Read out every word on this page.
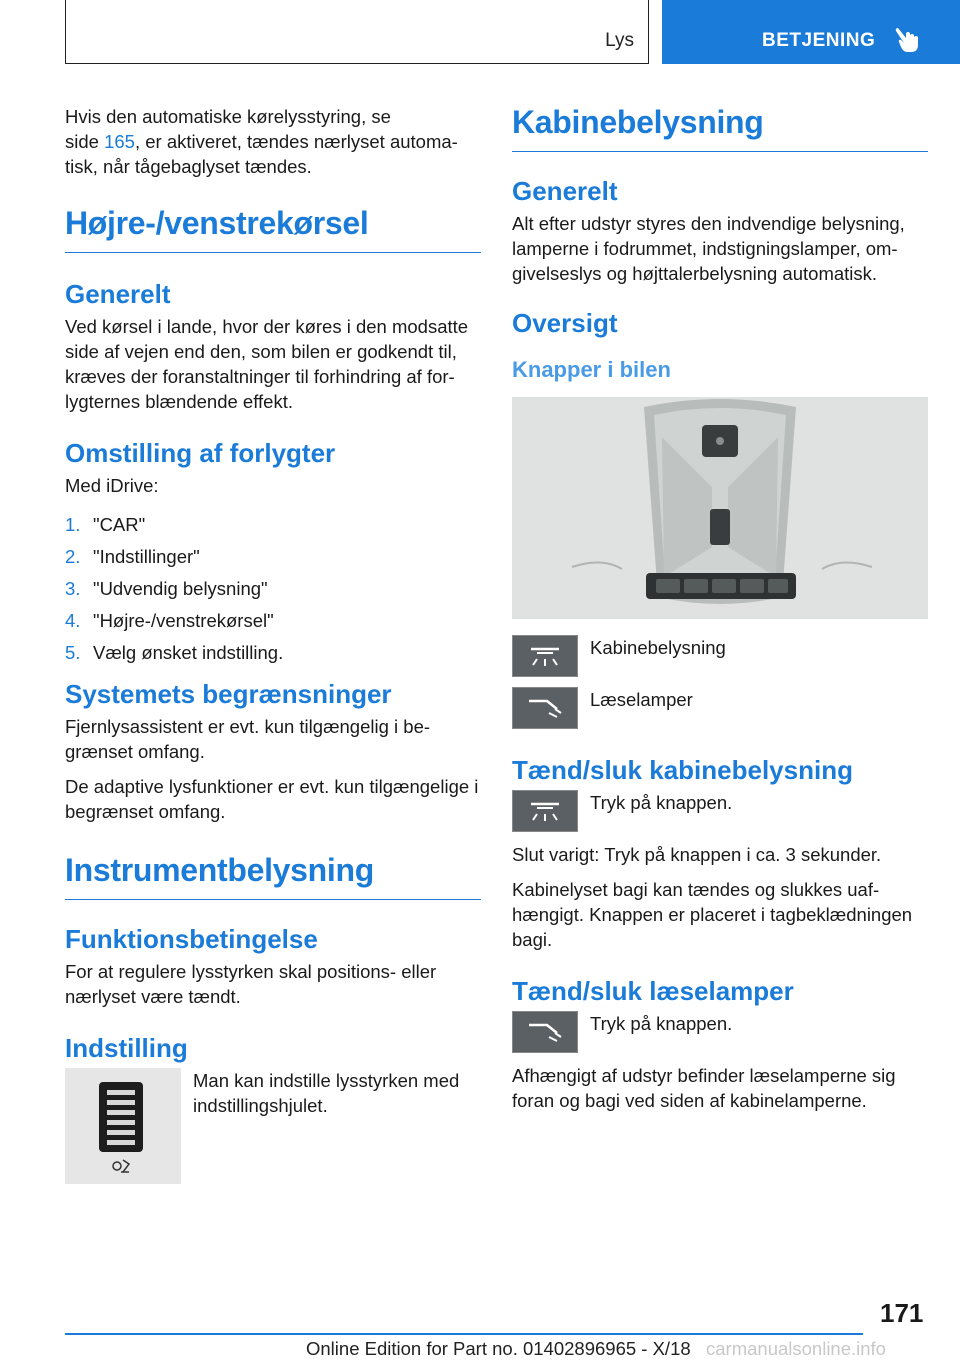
Lys	BETJENING

Hvis den automatiske kørelysstyring, se
side 165, er aktiveret, tændes nærlyset automa-
tisk, når tågebaglyset tændes.

Højre-/venstrekørsel
Generelt

Ved kørsel i lande, hvor der køres i den modsatte side af vejen end den, som bilen er godkendt til, kræves der foranstaltninger til forhindring af for-lygternes blændende effekt.

Omstilling af forlygter

Med iDrive:

1. "CAR"
2. "Indstillinger"
3. "Udvendig belysning"
4. "Højre-/venstrekørsel"
5. Vælg ønsket indstilling.
Systemets begrænsninger

Fjernlysassistent er evt. kun tilgængelig i be-grænset omfang.

De adaptive lysfunktioner er evt. kun tilgængelige i begrænset omfang.

Instrumentbelysning
Funktionsbetingelse

For at regulere lysstyrken skal positions- eller nærlyset være tændt.

Indstilling
Man kan indstille lysstyrken med indstillingshjulet.
Kabinebelysning
Generelt

Alt efter udstyr styres den indvendige belysning, lamperne i fodrummet, indstigningslamper, om-givelseslys og højttalerbelysning automatisk.

Oversigt
Knapper i bilen
Kabinebelysning
Læselamper
Tænd/sluk kabinebelysning
Tryk på knappen.

Slut varigt: Tryk på knappen i ca. 3 sekunder.

Kabinelyset bagi kan tændes og slukkes uaf-hængigt. Knappen er placeret i tagbeklædningen bagi.

Tænd/sluk læselamper
Tryk på knappen.

Afhængigt af udstyr befinder læselamperne sig foran og bagi ved siden af kabinelamperne.

171
Online Edition for Part no. 01402896965 - X/18 carmanualsonline.info
